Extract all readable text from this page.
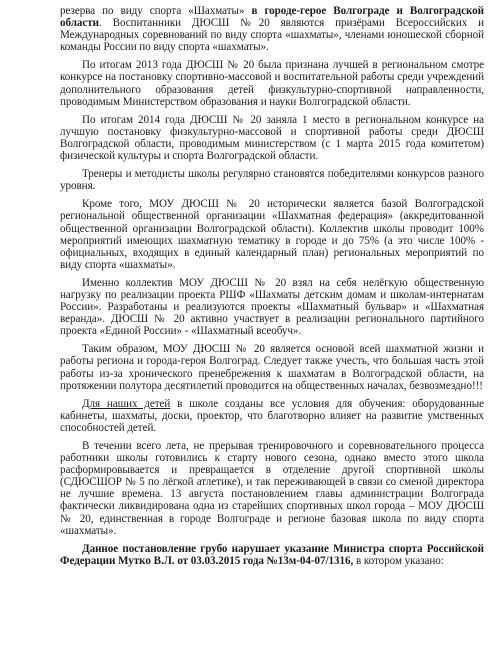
резерва по виду спорта «Шахматы» в городе-герое Волгограде и Волгоградской области. Воспитанники ДЮСШ №20 являются призёрами Всероссийских и Международных соревнований по виду спорта «шахматы», членами юношеской сборной команды России по виду спорта «шахматы».

По итогам 2013 года ДЮСШ № 20 была признана лучшей в региональном смотре конкурсе на постановку спортивно-массовой и воспитательной работы среди учреждений дополнительного образования детей физкультурно-спортивной направленности, проводимым Министерством образования и науки Волгоградской области.

По итогам 2014 года ДЮСШ № 20 заняла 1 место в региональном конкурсе на лучшую постановку физкультурно-массовой и спортивной работы среди ДЮСШ Волгоградской области, проводимым министерством (с 1 марта 2015 года комитетом) физической культуры и спорта Волгоградской области.

Тренеры и методисты школы регулярно становятся победителями конкурсов разного уровня.

Кроме того, МОУ ДЮСШ № 20 исторически является базой Волгоградской региональной общественной организации «Шахматная федерация» (аккредитованной общественной организации Волгоградской области). Коллектив школы проводит 100% мероприятий имеющих шахматную тематику в городе и до 75% (а это числе 100% - официальных, входящих в единый календарный план) региональных мероприятий по виду спорта «шахматы».

Именно коллектив МОУ ДЮСШ № 20 взял на себя нелёгкую общественную нагрузку по реализации проекта РШФ «Шахматы детским домам и школам-интернатам России». Разработаны и реализуются проекты «Шахматный бульвар» и «Шахматная веранда». ДЮСШ № 20 активно участвует в реализации регионального партийного проекта «Единой России» - «Шахматный всеобуч».

Таким образом, МОУ ДЮСШ № 20 является основой всей шахматной жизни и работы региона и города-героя Волгоград. Следует также учесть, что большая часть этой работы из-за хронического пренебрежения к шахматам в Волгоградской области, на протяжении полутора десятилетий проводится на общественных началах, безвозмездно!!!

Для наших детей в школе созданы все условия для обучения: оборудованные кабинеты, шахматы, доски, проектор, что благотворно влияет на развитие умственных способностей детей.

В течении всего лета, не прерывая тренировочного и соревновательного процесса работники школы готовились к старту нового сезона, однако вместо этого школа расформировывается и превращается в отделение другой спортивной школы (СДЮСШОР № 5 по лёгкой атлетике), и так переживающей в связи со сменой директора не лучшие времена. 13 августа постановлением главы администрации Волгограда фактически ликвидирована одна из старейших спортивных школ города – МОУ ДЮСШ № 20, единственная в городе Волгограде и регионе базовая школа по виду спорта «шахматы».

Данное постановление грубо нарушает указание Министра спорта Российской Федерации Мутко В.Л. от 03.03.2015 года №13м-04-07/1316, в котором указано:
